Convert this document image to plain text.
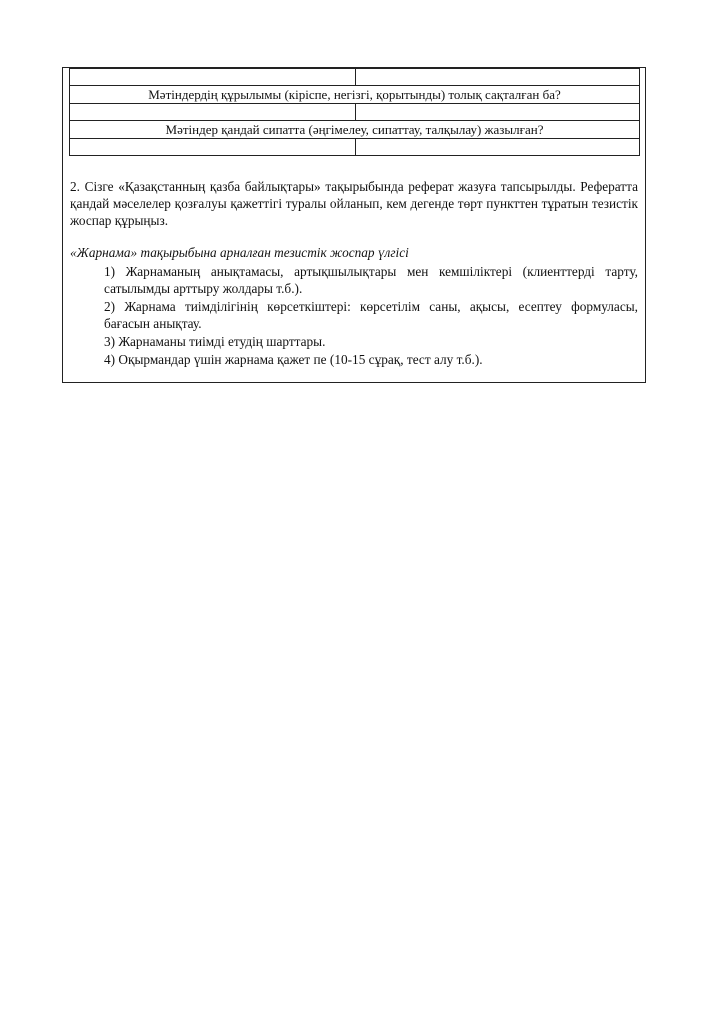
Мәтіндердің құрылымы (кіріспе, негізгі, қорытынды) толық сақталған ба?	

Мәтіндер қандай сипатта (әңгімелеу, сипаттау, талқылау) жазылған?	

2. Сізге «Қазақстанның қазба байлықтары» тақырыбында реферат жазуға тапсырылды. Рефератта қандай мәселелер қозғалуы қажеттігі туралы ойланып, кем дегенде төрт пункттен тұратын тезистік жоспар құрыңыз.

«Жарнама» тақырыбына арналған тезистік жоспар үлгісі

1) Жарнаманың анықтамасы, артықшылықтары мен кемшіліктері (клиенттерді тарту, сатылымды арттыру жолдары т.б.).
2) Жарнама тиімділігінің көрсеткіштері: көрсетілім саны, ақысы, есептеу формуласы, бағасын анықтау.
3) Жарнаманы тиімді етудің шарттары.
4) Оқырмандар үшін жарнама қажет пе (10-15 сұрақ, тест алу т.б.).
